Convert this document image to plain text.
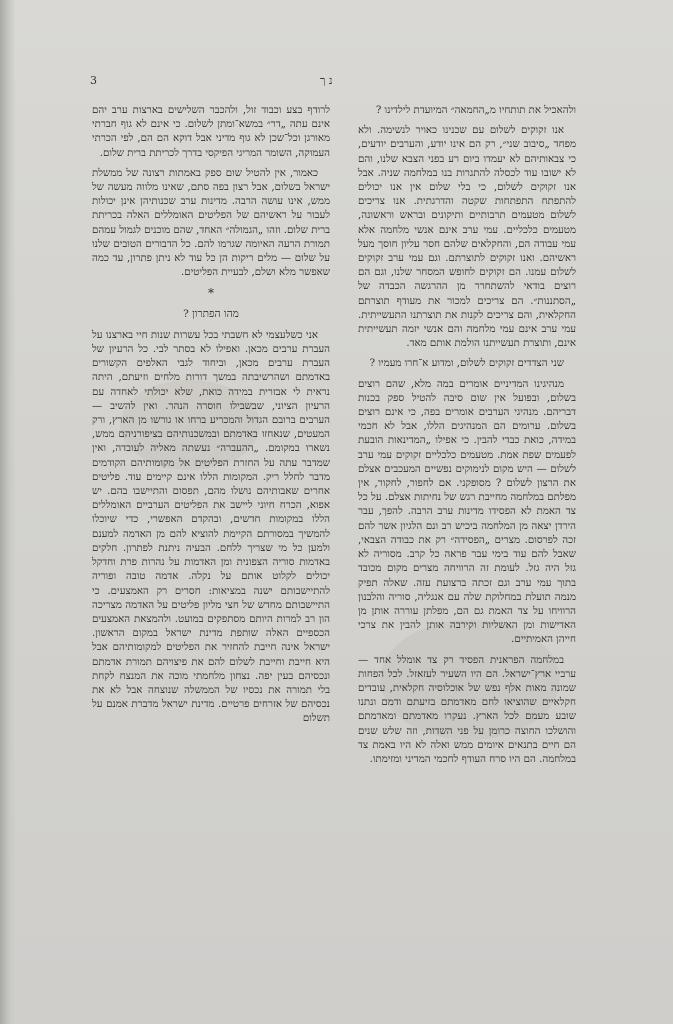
3	נ ך

ולהאכיל את תותחיו מ„החמאה״ המיועדת לילדינו ?

אנו זקוקים לשלום עם שכנינו כאויר לנשימה. ולא מפחד „סיבוב שני״, רק הם אינו יודע, והערבים יודעים, כי צבאותיהם לא יעמדו ביום רע בפני הצבא שלנו, והם לא ישובו עוד לכסלה להתגרות בנו במלחמה שניה. אבל אנו זקוקים לשלום, כי בלי שלום אין אנו יכולים להתפתח התפתחות שקטה והדרגתית. אנו צריכים לשלום מטעמים תרבותיים ותיקונים ובראש וראשונה, מטעמים כלכליים. עמי ערב אינם אנשי מלחמה אלא עמי עבודה הם, והחקלאים שלהם חסר עליון חוסך מעל ראשיהם. ואנו זקוקים לתוצרתם. וגם עמי ערב זקוקים לשלום עמנו. הם זקוקים לחופש המסחר שלנו, וגם הם רוצים בודאי להשתחרר מן ההרגשה הכבדה של „הסתננות״. הם צריכים למכור את מעודף תוצרתם החקלאית, והם צריכים לקנות את תוצרתנו התעשייתית. עמי ערב אינם עמי מלחמה והם אנשי יזמה תעשייתית אינם, ותוצרת תעשייתנו הולמת אותם מאד.

שני הצדדים זקוקים לשלום, ומדוע א־חרו מעמיו ?

מנהיגינו המדיניים אומרים במה מלא, שהם רוצים בשלום, ובפועל אין שום סיבה להטיל ספק בכנות דבריהם. מנהיגי הערבים אומרים בפה, כי אינם רוצים בשלום. ערומים הם המנהיגים הללו, אבל לא חכמי במידה, כואת כבדי להבין. כי אפילו „המדינאות הובעת לפעמים שפת אמת. מטעמים כלכליים זקוקים עמי ערב לשלום — היש מקום לנימוקים נפשיים המעכבים אצלם את הרצון לשלום ? מסופקני. אם לחפור, לחקור, אין מפלתם במלחמה מחייבת רגש של נחיתות אצלם. על כל צד האמת לא הפסידו מדינות ערב הרבה. להפך, עבר הירדן יצאה מן המלחמה ביכיש רב ונם הלגיון אשר להם זכה לפרסום. מצרים „הפסידה״ רק את כבודה הצבאי, שאבל להם עוד בימי עבר פראה כל קרב. מסוריה לא גזל היה גזל. לעומת זה הרוויחה מצרים מקום מכובד בתוך עמי ערב וגם זכתה ברצועת עזה. שאלה תפיק מנמה תועלת במחלוקת שלה עם אנגליה, סוריה והלבנון הרוויחו על צד האמת גם הם, מפלתן עוררה אותן מן האדישות ומן האשליות וקירבה אותן להבין את צרכי חייהן האמיתיים.

במלחמה הפראנית הפסיד רק צד אומלל אחד — ערביי ארץ־ישראל. הם היו השעיר לעזאזל. לכל הפחות שמונה מאות אלף נפש של אוכלוסיה חקלאית, עובדים חקלאיים שהוציאו לחם מאדמתם בזיעתם ודמם ונתנו שובע מעמם לכל הארץ. נעקרו מאדמתם ומאדמתם והושלכו החוצה כרומן על פני השדות, וזה שלש שנים הם חיים בתנאים איומים ממש ואלה לא היו באמת צד במלחמה. הם היו סרח העודף לחכמי המדיני ומזימתו.

לרודף בצע וכבוד זול, ולהכבר השלישים בארצות ערב יהם אינם עתה „דר״ במשא־ומתן לשלום. כי אינם לא גוף חברתי מאורגן וכל־שכן לא גוף מדיני אבל דוקא הם הם, לפי הכרתי העמוקה, השומר המריגי הפיקסי בדרך לכריתת ברית שלום.

כאמור, אין להטיל שום ספק באמתות רצונה של ממשלת ישראל בשלום, אבל רצון בפה סתם, שאינו מלווה מעשה של ממש, אינו עושה הרבה. מדינות ערב שכנותיהן אינן יכולות לעבור על ראשיהם של הפליטים האומללים האלה בכריתת ברית שלום. וזהו „הגמולה״ האחד, שהם מוכנים לגמול עמהם תמורת הרעה האיומה שגרמו להם. כל הדבורים הטובים שלנו על שלום — מלים ריקות הן כל עוד לא ניתן פתרון, עד כמה שאפשר מלא ושלם, לבעיית הפליטים.

*
מהו הפתרון ?

אני כשלעצמי לא חשבתי בכל עשרות שנות חיי בארצנו על העברת ערבים מכאן. ואפילו לא בסתר לבי. כל הרעיון של העברת ערבים מכאן, וביחוד לגבי האלפים הקשורים באדמתם ושהרשיבתה במשך דורות מלחים וזיעתם, היתה נראית לי אבזרית במידה כואת, שלא יכולתי לאחדה עם הרעיון הציוני, שבשבילו חוסרה הנהר. ואין להשיב — הערבים ברובם הגדול והמכריע ברחו או גורשו מן הארץ, ורק המעטים, שנאחזו באדמתם ובמשכנותיהם בציפורניהם ממש, נשארו במקומם. „ההעברה״ נעשתה מאליה לעובדה, ואין שמדבר עתה על החזרת הפליטים אל מקומותיהם הקודמים מדבר לחלל ריק. המקומות הללו אינם קיימים עוד. פליטים אחרים שאבותיהם נושלו מהם, תפסום והתיישבו בהם. יש אפוא, הכרח חיוני ליישב את הפליטים הערביים האומללים הללו במקומות חדשים, ובהקדם האפשרי, כדי שיוכלו להמשיך במסורתם הקיימת להוציא להם מן האדמה למענם ולמען כל מי שצריך ללחם. הבעיה ניתנת לפתרון. חלקים באדמות סוריה הצפונית ומן האדמות על נהרות פרת וחדקל יכולים לקלוט אותם על נקלה. אדמה טובה ופוריה להתיישבותם ישנה במציאות: חסרים רק האמצעים. כי התיישבותם מחדש של חצי מליון פליטים על האדמה מצריכה הון רב למרות היותם מסתפקים במועט. ולהמצאת האמצעים הכספיים האלה שותפת מדינת ישראל במקום הראשון. ישראל אינה חייבת להחזיר את הפליטים למקומותיהם אבל היא חייבת וחייבת לשלום להם את פיצויהם תמורת אדמתם ונכסיהם בעין יפה. נצחון מלחמתי מוכה את המנצח לקחת בלי תמורה את נכסיו של הממשלה שנוצחה אבל לא את נכסיהם של אזרחים פרטיים. מדינת ישראל מדברת אמנם על תשלום
